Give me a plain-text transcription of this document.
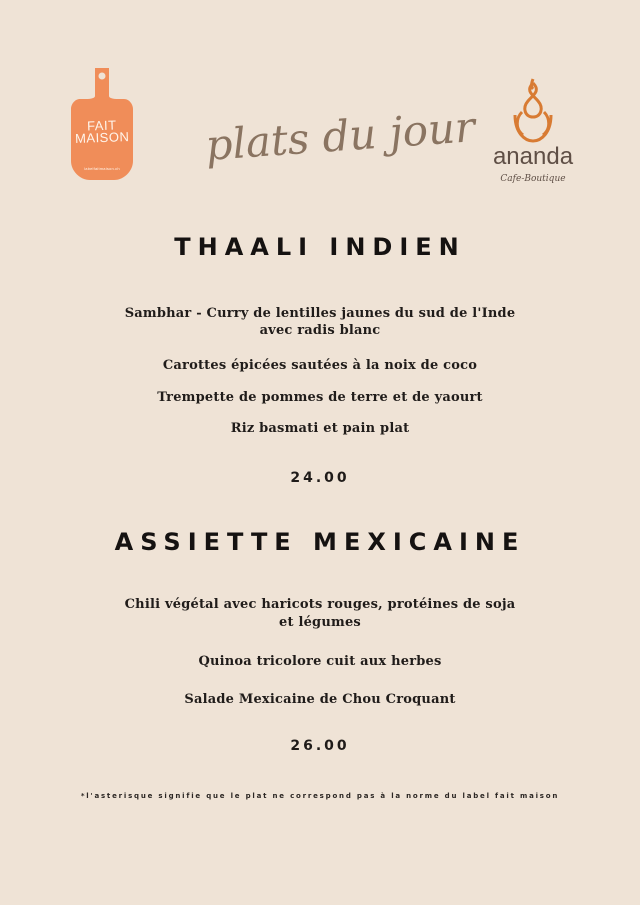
FAIT
MAISON
labelfaitmaison.ch	plats du jour ananda
Cafe-Boutique
THAALI INDIEN
Sambhar - Curry de lentilles jaunes du sud de l'Inde
avec radis blanc
Carottes épicées sautées à la noix de coco
Trempette de pommes de terre et de yaourt
Riz basmati et pain plat
24.00
ASSIETTE MEXICAINE
Chili végétal avec haricots rouges, protéines de soja
et légumes
Quinoa tricolore cuit aux herbes
Salade Mexicaine de Chou Croquant
26.00
*l'asterisque signifie que le plat ne correspond pas à la norme du label fait maison
